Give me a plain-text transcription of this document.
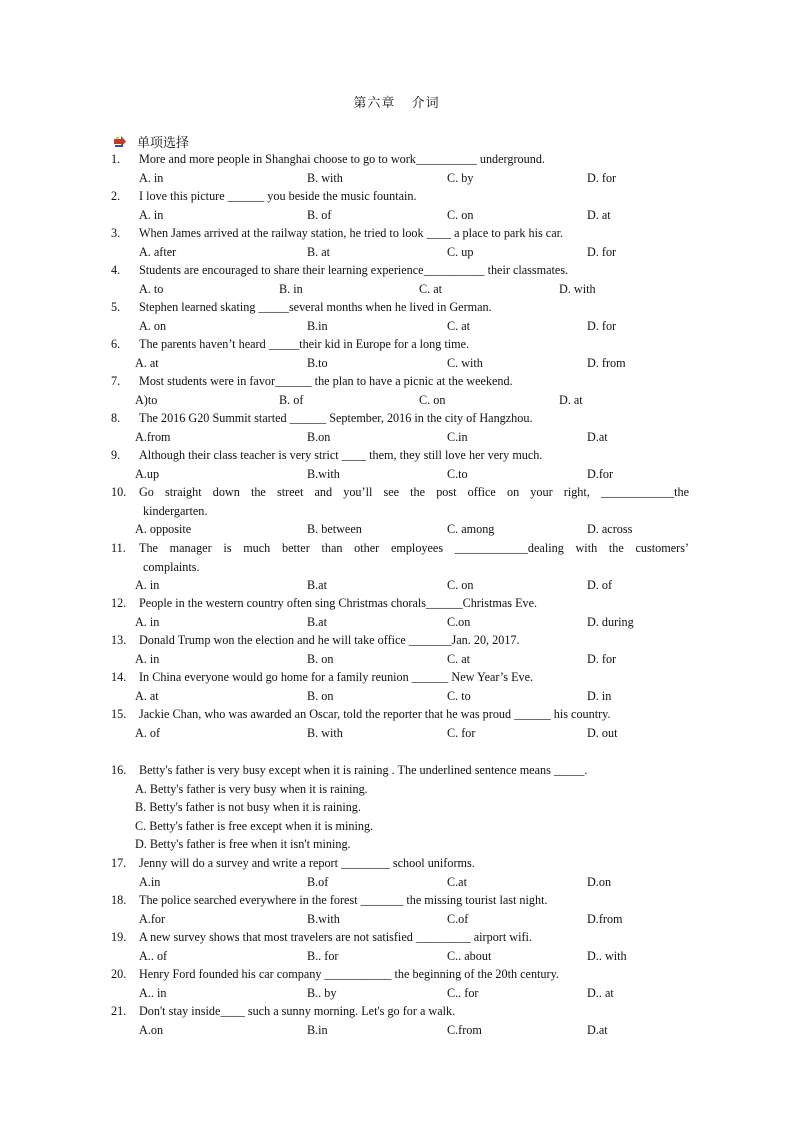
第六章 介词
单项选择
1.	More and more people in Shanghai choose to go to work__________ underground.
A. in	B. with	C. by	D. for
2.	I love this picture ______ you beside the music fountain.
A. in	B. of	C. on	D. at
3.	When James arrived at the railway station, he tried to look ____ a place to park his car.
A. after	B. at	C. up	D. for
4.	Students are encouraged to share their learning experience__________ their classmates.
A. to	B. in	C. at	D. with
5.	Stephen learned skating _____several months when he lived in German.
A. on	B.in	C. at	D. for
6.	The parents haven’t heard _____their kid in Europe for a long time.
A. at	B.to	C. with	D. from
7.	Most students were in favor______ the plan to have a picnic at the weekend.
A)to	B. of	C. on	D. at
8.	The 2016 G20 Summit started ______ September, 2016 in the city of Hangzhou.
A.from	B.on	C.in	D.at
9.	Although their class teacher is very strict ____ them, they still love her very much.
A.up	B.with	C.to	D.for
10.	Go straight down the street and you’ll see the post office on your right, ____________the
kindergarten.
A. opposite	B. between	C. among	D. across
11.	The manager is much better than other employees ____________dealing with the customers’
complaints.
A. in	B.at	C. on	D. of
12.	People in the western country often sing Christmas chorals______Christmas Eve.
A. in	B.at	C.on	D. during
13.	Donald Trump won the election and he will take office _______Jan. 20, 2017.
A. in	B. on	C. at	D. for
14.	In China everyone would go home for a family reunion ______ New Year’s Eve.
A. at	B. on	C. to	D. in
15.	Jackie Chan, who was awarded an Oscar, told the reporter that he was proud ______ his country.
A. of	B. with	C. for	D. out
16.	Betty's father is very busy except when it is raining . The underlined sentence means _____.
A. Betty's father is very busy when it is raining.
B. Betty's father is not busy when it is raining.
C. Betty's father is free except when it is mining.
D. Betty's father is free when it isn't mining.
17.	Jenny will do a survey and write a report ________ school uniforms.
A.in	B.of	C.at	D.on
18.	The police searched everywhere in the forest _______ the missing tourist last night.
A.for	B.with	C.of	D.from
19.	A new survey shows that most travelers are not satisfied _________ airport wifi.
A.. of	B.. for	C.. about	D.. with
20.	Henry Ford founded his car company ___________ the beginning of the 20th century.
A.. in	B.. by	C.. for	D.. at
21.	Don't stay inside____ such a sunny morning. Let's go for a walk.
A.on	B.in	C.from	D.at
